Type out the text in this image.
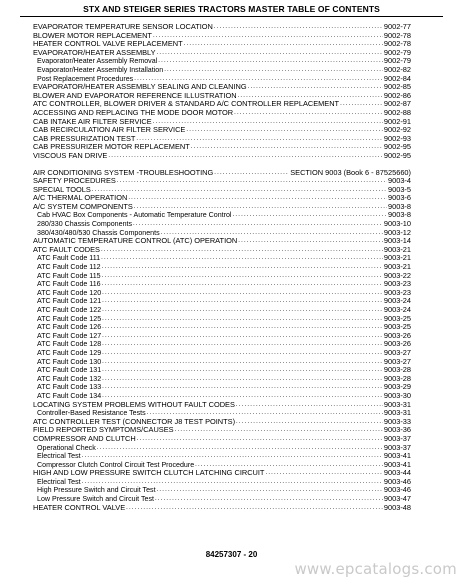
STX AND STEIGER SERIES TRACTORS MASTER TABLE OF CONTENTS
EVAPORATOR TEMPERATURE SENSOR LOCATION .....	9002-77
BLOWER MOTOR REPLACEMENT .....	9002-78
HEATER CONTROL VALVE REPLACEMENT .....	9002-78
EVAPORATOR/HEATER ASSEMBLY .....	9002-79
Evaporator/Heater Assembly Removal .....	9002-79
Evaporator/Heater Assembly Installation .....	9002-82
Post Replacement Procedures .....	9002-84
EVAPORATOR/HEATER ASSEMBLY SEALING AND CLEANING .....	9002-85
BLOWER AND EVAPORATOR REFERENCE ILLUSTRATION .....	9002-86
ATC CONTROLLER, BLOWER DRIVER & STANDARD A/C CONTROLLER REPLACEMENT .....	9002-87
ACCESSING AND REPLACING THE MODE DOOR MOTOR .....	9002-88
CAB INTAKE AIR FILTER SERVICE .....	9002-91
CAB RECIRCULATION AIR FILTER SERVICE .....	9002-92
CAB PRESSURIZATION TEST .....	9002-93
CAB PRESSURIZER MOTOR REPLACEMENT .....	9002-95
VISCOUS FAN DRIVE .....	9002-95
AIR CONDITIONING SYSTEM -TROUBLESHOOTING .....	SECTION 9003 (Book 6 - 87525660)
SAFETY PROCEDURES .....	9003-4
SPECIAL TOOLS .....	9003-5
A/C THERMAL OPERATION .....	9003-6
A/C SYSTEM COMPONENTS .....	9003-8
Cab HVAC Box Components - Automatic Temperature Control .....	9003-8
280/330 Chassis Components .....	9003-10
380/430/480/530 Chassis Components .....	9003-12
AUTOMATIC TEMPERATURE CONTROL (ATC) OPERATION .....	9003-14
ATC FAULT CODES .....	9003-21
ATC Fault Code 111 .....	9003-21
ATC Fault Code 112 .....	9003-21
ATC Fault Code 115 .....	9003-22
ATC Fault Code 116 .....	9003-23
ATC Fault Code 120 .....	9003-23
ATC Fault Code 121 .....	9003-24
ATC Fault Code 122 .....	9003-24
ATC Fault Code 125 .....	9003-25
ATC Fault Code 126 .....	9003-25
ATC Fault Code 127 .....	9003-26
ATC Fault Code 128 .....	9003-26
ATC Fault Code 129 .....	9003-27
ATC Fault Code 130 .....	9003-27
ATC Fault Code 131 .....	9003-28
ATC Fault Code 132 .....	9003-28
ATC Fault Code 133 .....	9003-29
ATC Fault Code 134 .....	9003-30
LOCATING SYSTEM PROBLEMS WITHOUT FAULT CODES .....	9003-31
Controller-Based Resistance Tests .....	9003-31
ATC CONTROLLER TEST (CONNECTOR J8 TEST POINTS) .....	9003-33
FIELD REPORTED SYMPTOMS/CAUSES .....	9003-36
COMPRESSOR AND CLUTCH .....	9003-37
Operational Check .....	9003-37
Electrical Test .....	9003-41
Compressor Clutch Control Circuit Test Procedure .....	9003-41
HIGH AND LOW PRESSURE SWITCH CLUTCH LATCHING CIRCUIT .....	9003-44
Electrical Test .....	9003-46
High Pressure Switch and Circuit Test .....	9003-46
Low Pressure Switch and Circuit Test .....	9003-47
HEATER CONTROL VALVE .....	9003-48
84257307 - 20
www.epcatalogs.com
